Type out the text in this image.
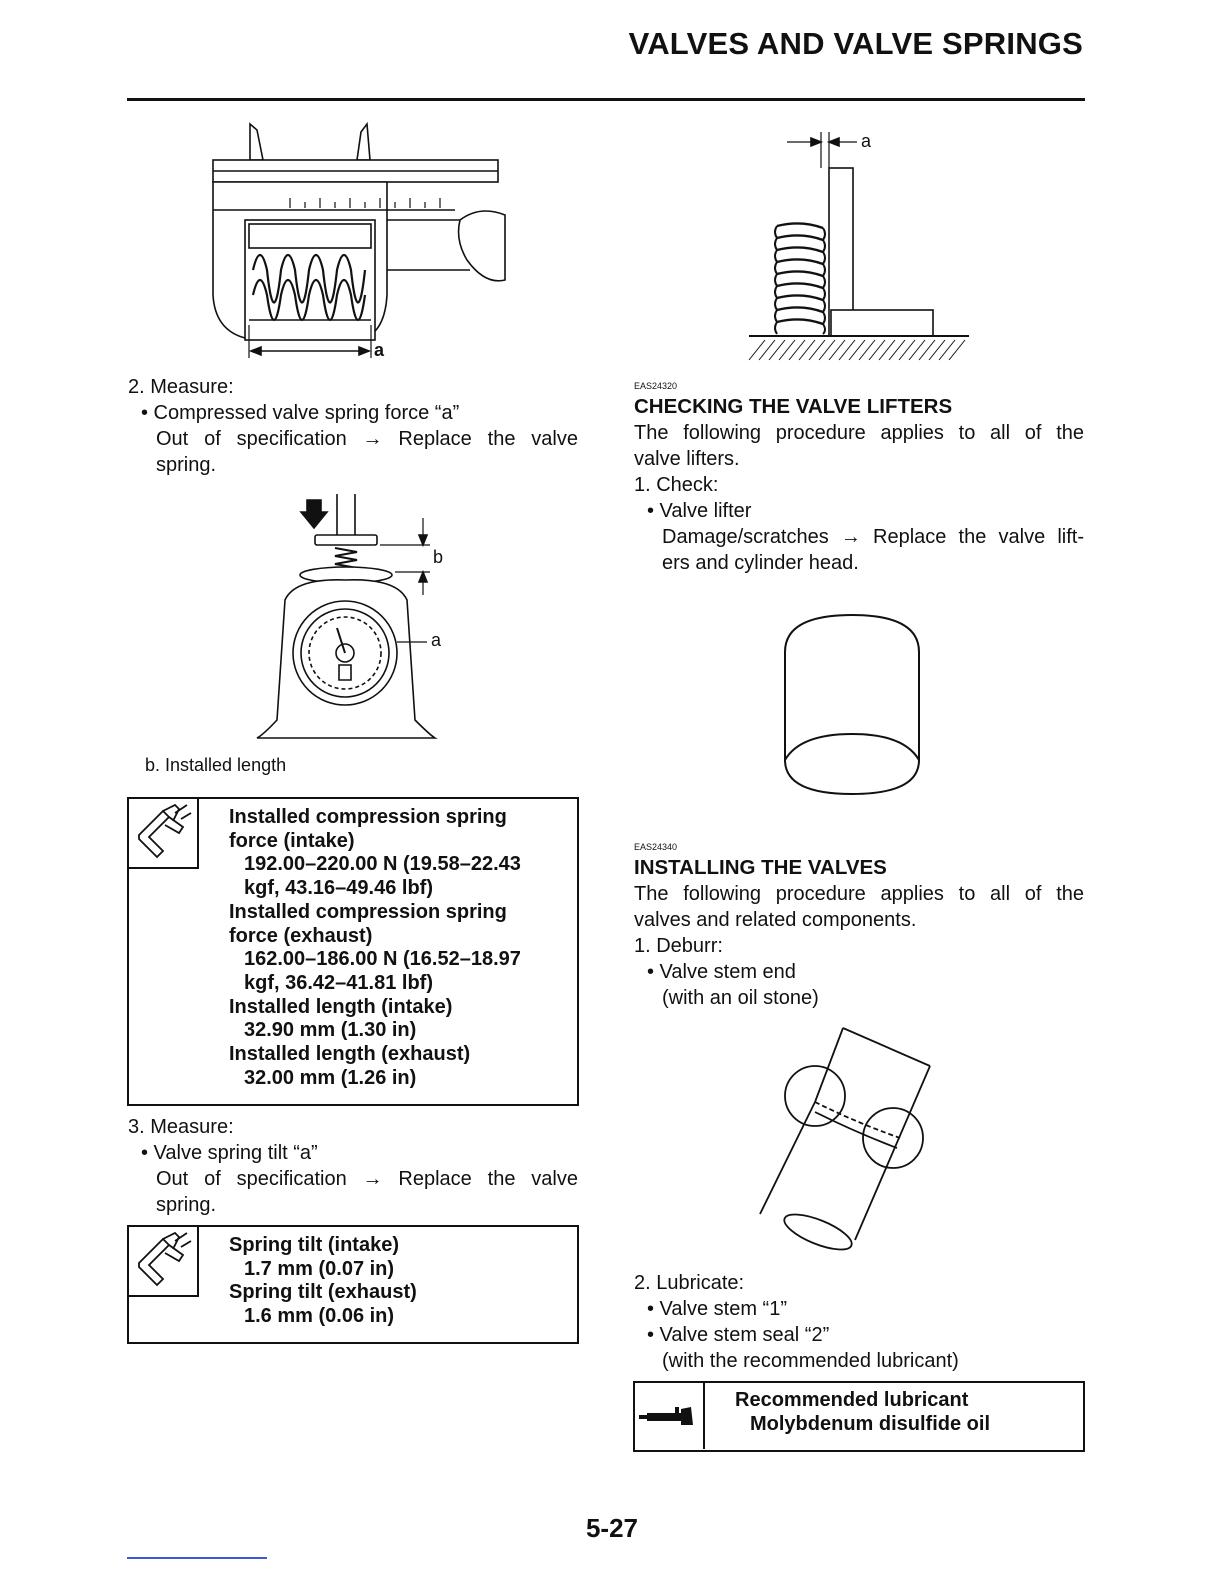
VALVES AND VALVE SPRINGS
a
2. Measure:
• Compressed valve spring force “a”
Out of specification → Replace the valve
spring.
b
a
b. Installed length
Installed compression spring
force (intake)
192.00–220.00 N (19.58–22.43
kgf, 43.16–49.46 lbf)
Installed compression spring
force (exhaust)
162.00–186.00 N (16.52–18.97
kgf, 36.42–41.81 lbf)
Installed length (intake)
32.90 mm (1.30 in)
Installed length (exhaust)
32.00 mm (1.26 in)
3. Measure:
• Valve spring tilt “a”
Out of specification → Replace the valve
spring.
Spring tilt (intake)
1.7 mm (0.07 in)
Spring tilt (exhaust)
1.6 mm (0.06 in)
a
EAS24320
CHECKING THE VALVE LIFTERS
The following procedure applies to all of the
valve lifters.
1. Check:
• Valve lifter
Damage/scratches → Replace the valve lift-
ers and cylinder head.
EAS24340
INSTALLING THE VALVES
The following procedure applies to all of the
valves and related components.
1. Deburr:
• Valve stem end
(with an oil stone)
2. Lubricate:
• Valve stem “1”
• Valve stem seal “2”
(with the recommended lubricant)
Recommended lubricant
Molybdenum disulfide oil
5-27
